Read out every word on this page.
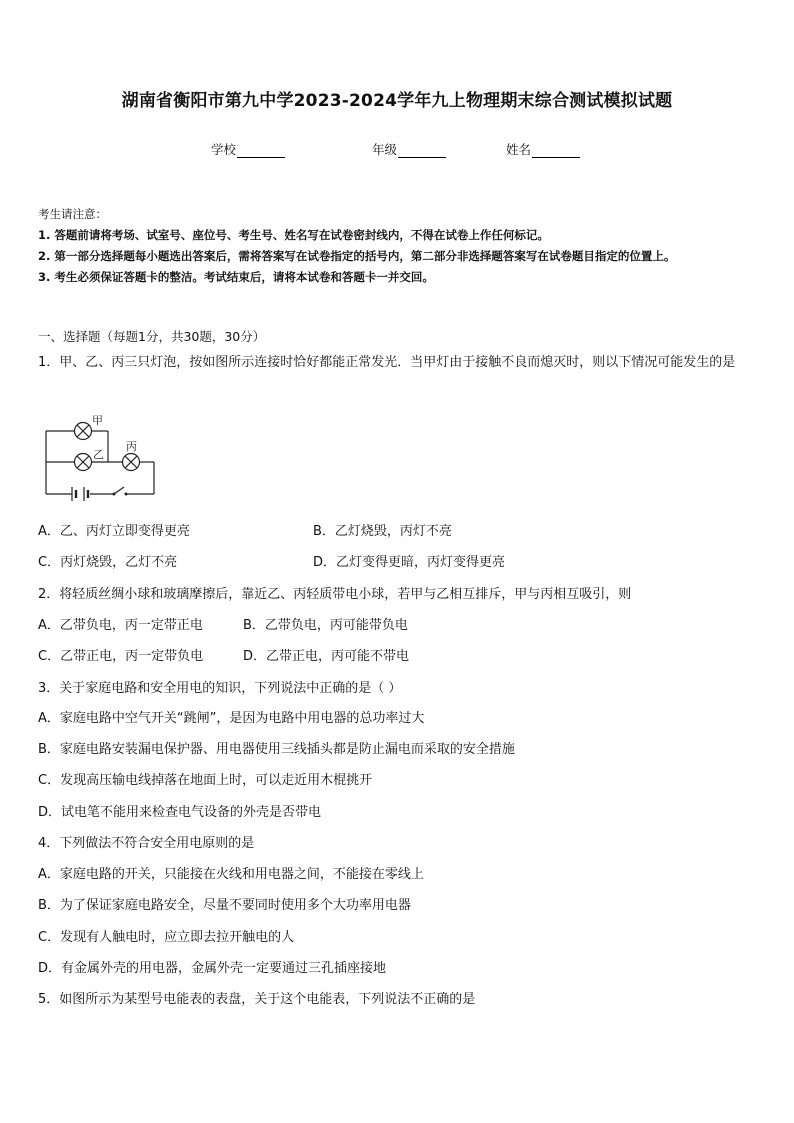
湖南省衡阳市第九中学2023-2024学年九上物理期末综合测试模拟试题
学校	年级	姓名
考生请注意：
1. 答题前请将考场、试室号、座位号、考生号、姓名写在试卷密封线内，不得在试卷上作任何标记。
2. 第一部分选择题每小题选出答案后，需将答案写在试卷指定的括号内，第二部分非选择题答案写在试卷题目指定的位置上。
3. 考生必须保证答题卡的整洁。考试结束后，请将本试卷和答题卡一并交回。
一、选择题（每题1分，共30题，30分）
1．甲、乙、丙三只灯泡，按如图所示连接时恰好都能正常发光．当甲灯由于接触不良而熄灭时，则以下情况可能发生的是
甲
乙
丙
A．乙、丙灯立即变得更亮	B．乙灯烧毁，丙灯不亮
C．丙灯烧毁，乙灯不亮	D．乙灯变得更暗，丙灯变得更亮
2．将轻质丝绸小球和玻璃摩擦后，靠近乙、丙轻质带电小球，若甲与乙相互排斥，甲与丙相互吸引，则
A．乙带负电，丙一定带正电	B．乙带负电，丙可能带负电
C．乙带正电，丙一定带负电	D．乙带正电，丙可能不带电
3．关于家庭电路和安全用电的知识，下列说法中正确的是（ ）
A．家庭电路中空气开关“跳闸”，是因为电路中用电器的总功率过大
B．家庭电路安装漏电保护器、用电器使用三线插头都是防止漏电而采取的安全措施
C．发现高压输电线掉落在地面上时，可以走近用木棍挑开
D．试电笔不能用来检查电气设备的外壳是否带电
4．下列做法不符合安全用电原则的是
A．家庭电路的开关，只能接在火线和用电器之间，不能接在零线上
B．为了保证家庭电路安全，尽量不要同时使用多个大功率用电器
C．发现有人触电时，应立即去拉开触电的人
D．有金属外壳的用电器，金属外壳一定要通过三孔插座接地
5．如图所示为某型号电能表的表盘，关于这个电能表，下列说法不正确的是
